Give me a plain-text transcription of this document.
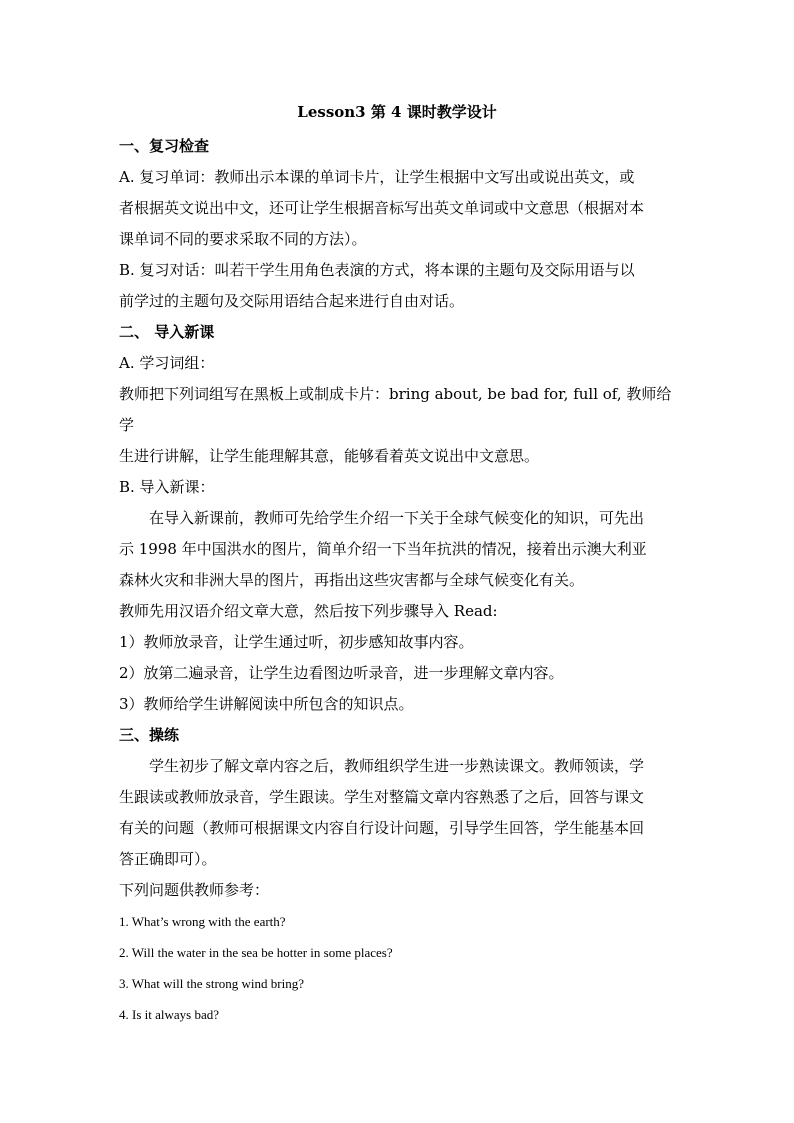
Lesson3 第 4 课时教学设计
一、复习检查
A. 复习单词：教师出示本课的单词卡片，让学生根据中文写出或说出英文，或
者根据英文说出中文，还可让学生根据音标写出英文单词或中文意思（根据对本
课单词不同的要求采取不同的方法）。
B. 复习对话：叫若干学生用角色表演的方式，将本课的主题句及交际用语与以
前学过的主题句及交际用语结合起来进行自由对话。
二、 导入新课
A. 学习词组：
教师把下列词组写在黑板上或制成卡片：bring about, be bad for, full of, 教师给
学
生进行讲解，让学生能理解其意，能够看着英文说出中文意思。
B. 导入新课：
在导入新课前，教师可先给学生介绍一下关于全球气候变化的知识，可先出
示 1998 年中国洪水的图片，简单介绍一下当年抗洪的情况，接着出示澳大利亚
森林火灾和非洲大旱的图片，再指出这些灾害都与全球气候变化有关。
教师先用汉语介绍文章大意，然后按下列步骤导入 Read:
1）教师放录音，让学生通过听，初步感知故事内容。
2）放第二遍录音，让学生边看图边听录音，进一步理解文章内容。
3）教师给学生讲解阅读中所包含的知识点。
三、操练
学生初步了解文章内容之后，教师组织学生进一步熟读课文。教师领读，学
生跟读或教师放录音，学生跟读。学生对整篇文章内容熟悉了之后，回答与课文
有关的问题（教师可根据课文内容自行设计问题，引导学生回答，学生能基本回
答正确即可）。
下列问题供教师参考：
1. What’s wrong with the earth?
2. Will the water in the sea be hotter in some places?
3. What will the strong wind bring?
4. Is it always bad?
